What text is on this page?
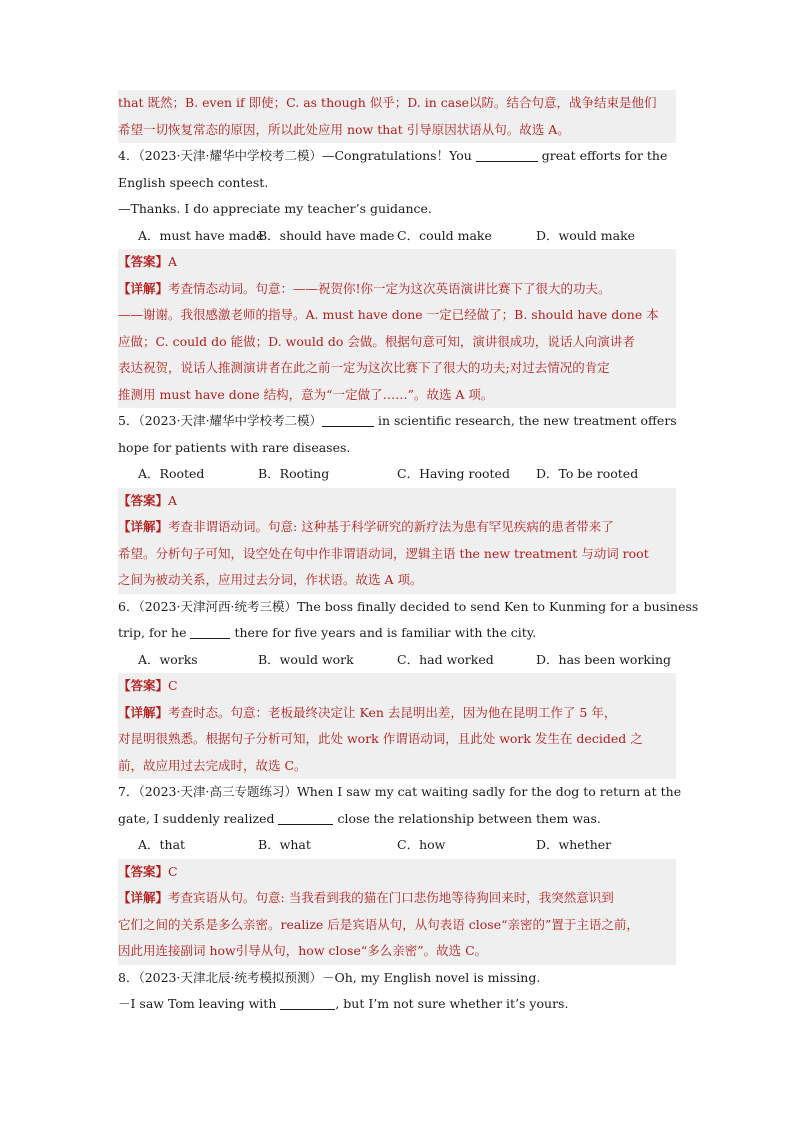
that 既然；B. even if 即使；C. as though 似乎；D. in case以防。结合句意，战争结束是他们
希望一切恢复常态的原因，所以此处应用 now that 引导原因状语从句。故选 A。
4．（2023·天津·耀华中学校考二模）—Congratulations！You	great efforts for the
English speech contest.
—Thanks. I do appreciate my teacher’s guidance.
A．must have made
B．should have made C．could make	D．would make
【答案】A
【详解】考查情态动词。句意：——祝贺你!你一定为这次英语演讲比赛下了很大的功夫。
——谢谢。我很感激老师的指导。A. must have done 一定已经做了；B. should have done 本
应做；C. could do 能做；D. would do 会做。根据句意可知，演讲很成功，说话人向演讲者
表达祝贺，说话人推测演讲者在此之前一定为这次比赛下了很大的功夫;对过去情况的肯定
推测用 must have done 结构，意为“一定做了……”。故选 A 项。
5．（2023·天津·耀华中学校考二模）	in scientific research, the new treatment offers
hope for patients with rare diseases.
A．Rooted	B．Rooting	C．Having rooted D．To be rooted
【答案】A
【详解】考查非谓语动词。句意: 这种基于科学研究的新疗法为患有罕见疾病的患者带来了
希望。分析句子可知，设空处在句中作非谓语动词，逻辑主语 the new treatment 与动词 root
之间为被动关系，应用过去分词，作状语。故选 A 项。
6．（2023·天津河西·统考三模）The boss finally decided to send Ken to Kunming for a business
trip, for he	there for five years and is familiar with the city.
A．works	B．would work	C．had worked	D．has been working
【答案】C
【详解】考查时态。句意：老板最终决定让 Ken 去昆明出差，因为他在昆明工作了 5 年，
对昆明很熟悉。根据句子分析可知，此处 work 作谓语动词，且此处 work 发生在 decided 之
前，故应用过去完成时，故选 C。
7．（2023·天津·高三专题练习）When I saw my cat waiting sadly for the dog to return at the
gate, I suddenly realized	close the relationship between them was.
A．that	B．what	C．how	D．whether
【答案】C
【详解】考查宾语从句。句意: 当我看到我的猫在门口悲伤地等待狗回来时，我突然意识到
它们之间的关系是多么亲密。realize 后是宾语从句，从句表语 close“亲密的”置于主语之前，
因此用连接副词 how引导从句，how close“多么亲密”。故选 C。
8．（2023·天津北辰·统考模拟预测）－Oh, my English novel is missing.
－I saw Tom leaving with	, but I’m not sure whether it’s yours.
